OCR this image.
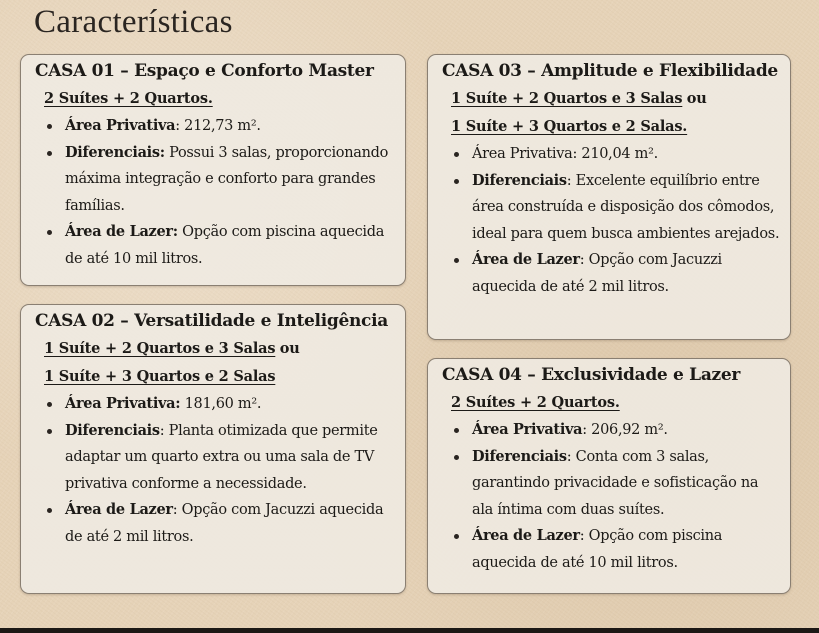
Características
CASA 01 – Espaço e Conforto Master
2 Suítes + 2 Quartos.
Área Privativa: 212,73 m².
Diferenciais: Possui 3 salas, proporcionando máxima integração e conforto para grandes famílias.
Área de Lazer: Opção com piscina aquecida de até 10 mil litros.
CASA 02 – Versatilidade e Inteligência
1 Suíte + 2 Quartos e 3 Salas ou
1 Suíte + 3 Quartos e 2 Salas
Área Privativa: 181,60 m².
Diferenciais: Planta otimizada que permite adaptar um quarto extra ou uma sala de TV privativa conforme a necessidade.
Área de Lazer: Opção com Jacuzzi aquecida de até 2 mil litros.
CASA 03 – Amplitude e Flexibilidade
1 Suíte + 2 Quartos e 3 Salas ou
1 Suíte + 3 Quartos e 2 Salas.
Área Privativa: 210,04 m².
Diferenciais: Excelente equilíbrio entre área construída e disposição dos cômodos, ideal para quem busca ambientes arejados.
Área de Lazer: Opção com Jacuzzi aquecida de até 2 mil litros.
CASA 04 – Exclusividade e Lazer
2 Suítes + 2 Quartos.
Área Privativa: 206,92 m².
Diferenciais: Conta com 3 salas, garantindo privacidade e sofisticação na ala íntima com duas suítes.
Área de Lazer: Opção com piscina aquecida de até 10 mil litros.
